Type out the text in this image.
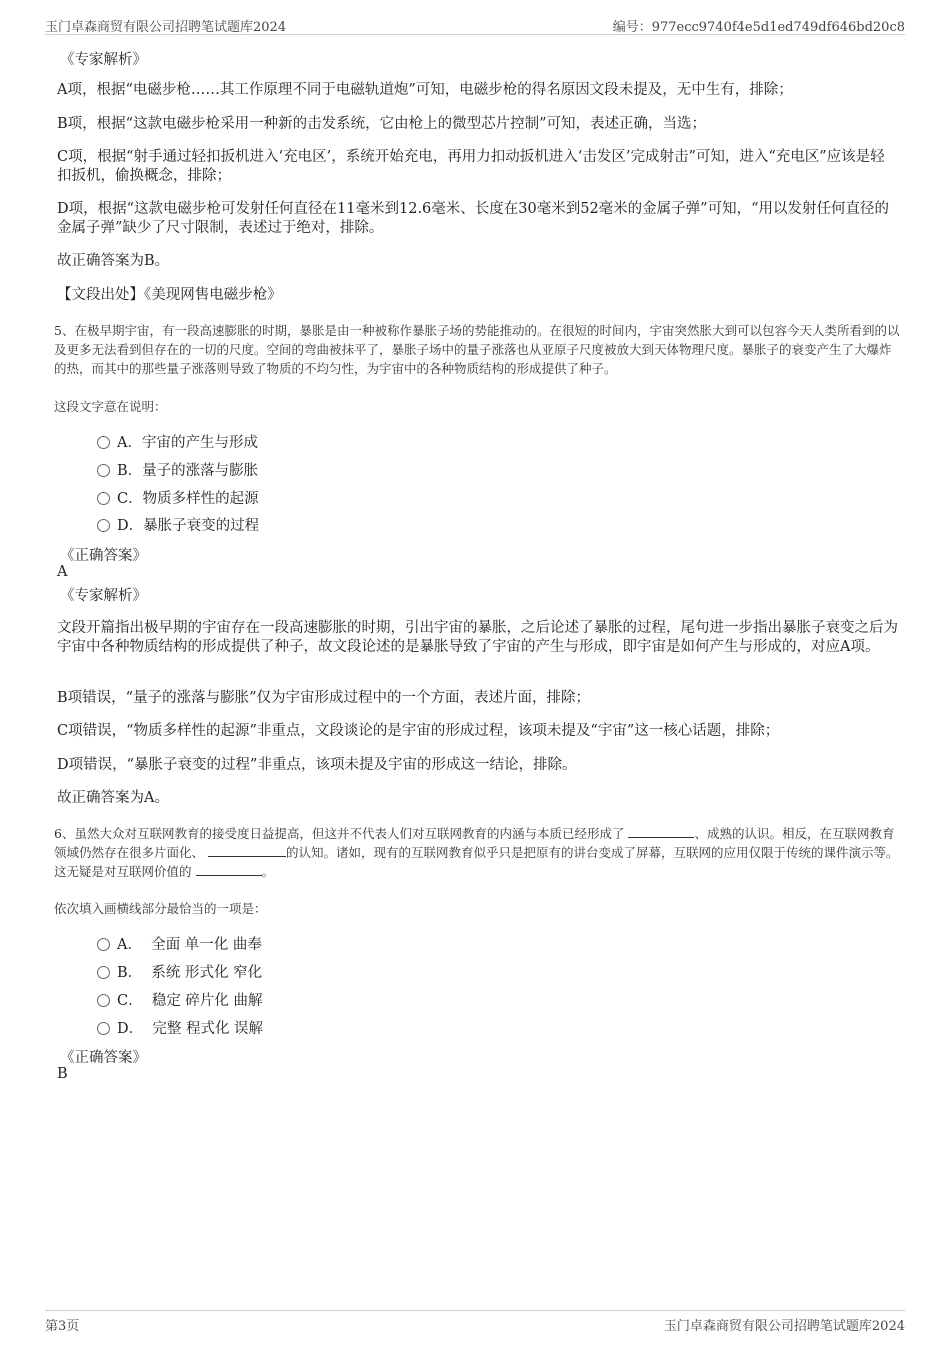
玉门卓森商贸有限公司招聘笔试题库2024	编号：977ecc9740f4e5d1ed749df646bd20c8

《专家解析》

A项，根据“电磁步枪……其工作原理不同于电磁轨道炮”可知，电磁步枪的得名原因文段未提及，无中生有，排除；

B项，根据“这款电磁步枪采用一种新的击发系统，它由枪上的微型芯片控制”可知，表述正确，当选；

C项，根据“射手通过轻扣扳机进入‘充电区’，系统开始充电，再用力扣动扳机进入‘击发区’完成射击”可知，进入“充电区”应该是轻扣扳机，偷换概念，排除；

D项，根据“这款电磁步枪可发射任何直径在11毫米到12.6毫米、长度在30毫米到52毫米的金属子弹”可知，“用以发射任何直径的金属子弹”缺少了尺寸限制，表述过于绝对，排除。

故正确答案为B。

【文段出处】《美现网售电磁步枪》

5、在极早期宇宙，有一段高速膨胀的时期，暴胀是由一种被称作暴胀子场的势能推动的。在很短的时间内，宇宙突然胀大到可以包容今天人类所看到的以及更多无法看到但存在的一切的尺度。空间的弯曲被抹平了，暴胀子场中的量子涨落也从亚原子尺度被放大到天体物理尺度。暴胀子的衰变产生了大爆炸的热，而其中的那些量子涨落则导致了物质的不均匀性，为宇宙中的各种物质结构的形成提供了种子。

这段文字意在说明：

A．宇宙的产生与形成
B．量子的涨落与膨胀
C．物质多样性的起源
D．暴胀子衰变的过程

《正确答案》

A

《专家解析》

文段开篇指出极早期的宇宙存在一段高速膨胀的时期，引出宇宙的暴胀，之后论述了暴胀的过程，尾句进一步指出暴胀子衰变之后为宇宙中各种物质结构的形成提供了种子，故文段论述的是暴胀导致了宇宙的产生与形成，即宇宙是如何产生与形成的，对应A项。

B项错误，“量子的涨落与膨胀”仅为宇宙形成过程中的一个方面，表述片面，排除；

C项错误，“物质多样性的起源”非重点，文段谈论的是宇宙的形成过程，该项未提及“宇宙”这一核心话题，排除；

D项错误，“暴胀子衰变的过程”非重点，该项未提及宇宙的形成这一结论，排除。

故正确答案为A。

6、虽然大众对互联网教育的接受度日益提高，但这并不代表人们对互联网教育的内涵与本质已经形成了	、成熟的认识。相反，在互联网教育领域仍然存在很多片面化、	的认知。诸如，现有的互联网教育似乎只是把原有的讲台变成了屏幕，互联网的应用仅限于传统的课件演示等。这无疑是对互联网价值的	。

依次填入画横线部分最恰当的一项是：

A．  全面 单一化 曲奉
B．  系统 形式化 窄化
C．  稳定 碎片化 曲解
D．  完整 程式化 误解

《正确答案》

B

第3页	玉门卓森商贸有限公司招聘笔试题库2024
